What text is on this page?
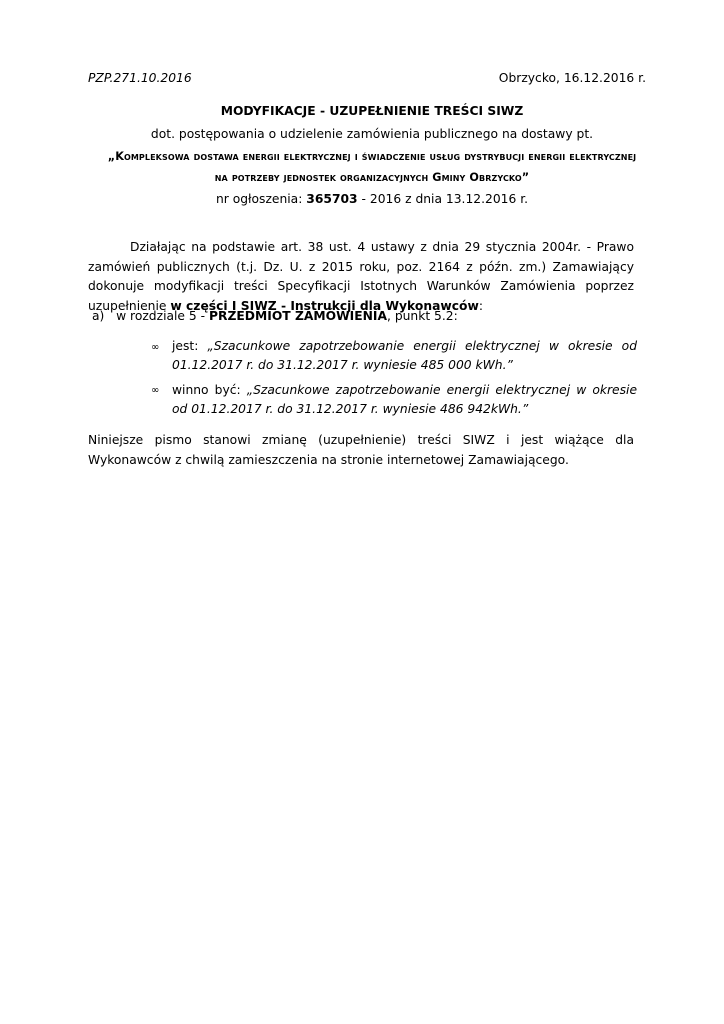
PZP.271.10.2016	Obrzycko, 16.12.2016 r.
MODYFIKACJE - UZUPEŁNIENIE TREŚCI SIWZ
dot. postępowania o udzielenie zamówienia publicznego na dostawy pt.
„Kompleksowa dostawa energii elektrycznej i świadczenie usług dystrybucji energii elektrycznej
na potrzeby jednostek organizacyjnych Gminy Obrzycko”
nr ogłoszenia: 365703 - 2016 z dnia 13.12.2016 r.
Działając na podstawie art. 38 ust. 4 ustawy z dnia 29 stycznia 2004r. - Prawo zamówień publicznych (t.j. Dz. U. z 2015 roku, poz. 2164 z późn. zm.) Zamawiający dokonuje modyfikacji treści Specyfikacji Istotnych Warunków Zamówienia poprzez uzupełnienie w części I SIWZ - Instrukcji dla Wykonawców:
a) w rozdziale 5 - PRZEDMIOT ZAMÓWIENIA, punkt 5.2:
∞ jest: „Szacunkowe zapotrzebowanie energii elektrycznej w okresie od 01.12.2017 r. do 31.12.2017 r. wyniesie 485 000 kWh.”
∞ winno być: „Szacunkowe zapotrzebowanie energii elektrycznej w okresie od 01.12.2017 r. do 31.12.2017 r. wyniesie 486 942kWh.”
Niniejsze pismo stanowi zmianę (uzupełnienie) treści SIWZ i jest wiążące dla Wykonawców z chwilą zamieszczenia na stronie internetowej Zamawiającego.
